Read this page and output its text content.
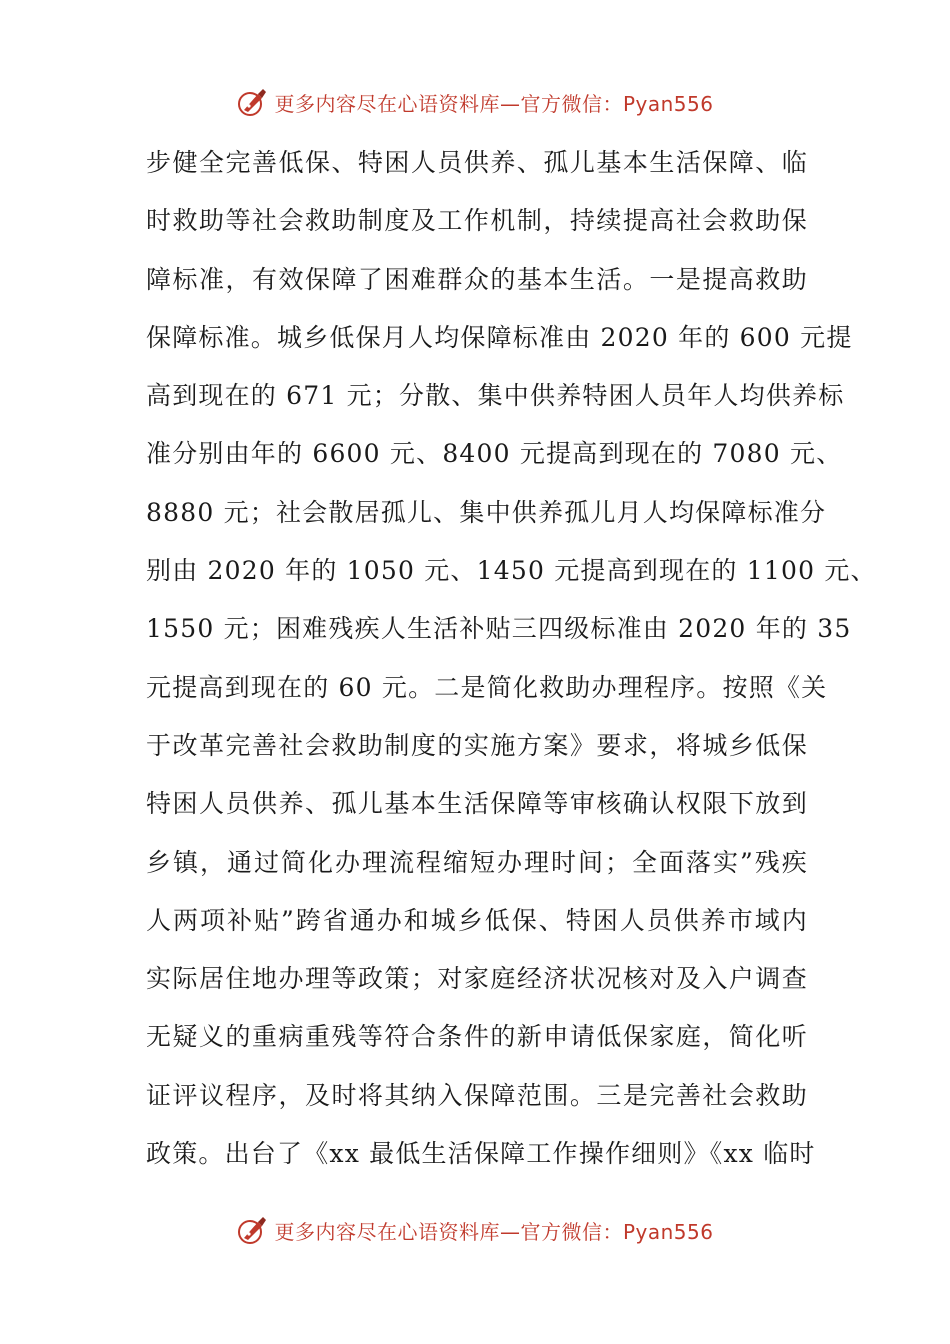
更多内容尽在心语资料库—官方微信：Pyan556
步健全完善低保、特困人员供养、孤儿基本生活保障、临
时救助等社会救助制度及工作机制，持续提高社会救助保
障标准，有效保障了困难群众的基本生活。一是提高救助
保障标准。城乡低保月人均保障标准由 2020 年的 600 元提
高到现在的 671 元；分散、集中供养特困人员年人均供养标
准分别由年的 6600 元、8400 元提高到现在的 7080 元、
8880 元；社会散居孤儿、集中供养孤儿月人均保障标准分
别由 2020 年的 1050 元、1450 元提高到现在的 1100 元、
1550 元；困难残疾人生活补贴三四级标准由 2020 年的 35
元提高到现在的 60 元。二是简化救助办理程序。按照《关
于改革完善社会救助制度的实施方案》要求，将城乡低保
特困人员供养、孤儿基本生活保障等审核确认权限下放到
乡镇，通过简化办理流程缩短办理时间；全面落实”残疾
人两项补贴”跨省通办和城乡低保、特困人员供养市域内
实际居住地办理等政策；对家庭经济状况核对及入户调查
无疑义的重病重残等符合条件的新申请低保家庭，简化听
证评议程序，及时将其纳入保障范围。三是完善社会救助
政策。出台了《xx 最低生活保障工作操作细则》《xx 临时
更多内容尽在心语资料库—官方微信：Pyan556
